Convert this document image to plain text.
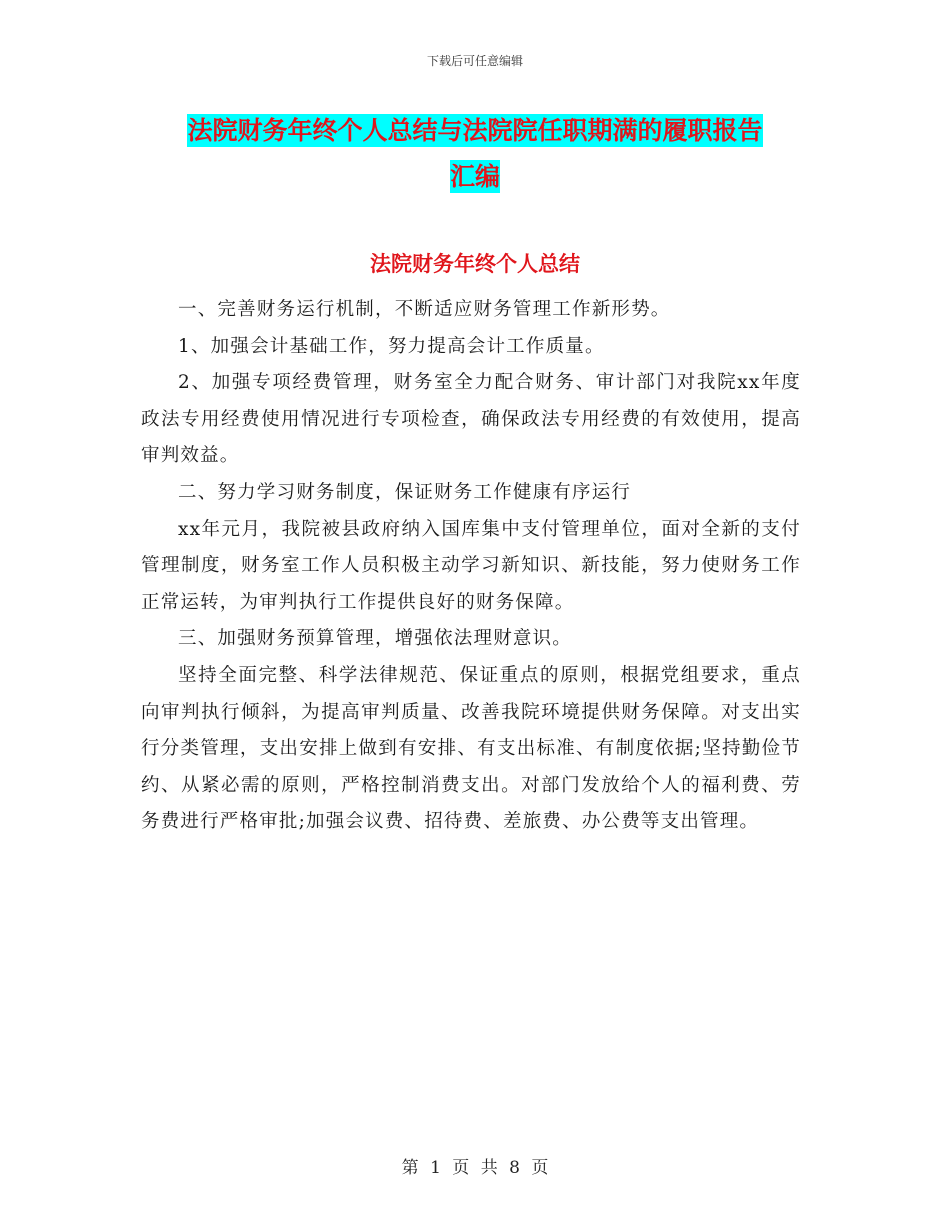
下载后可任意编辑
法院财务年终个人总结与法院院任职期满的履职报告
汇编
法院财务年终个人总结

一、完善财务运行机制，不断适应财务管理工作新形势。

1、加强会计基础工作，努力提高会计工作质量。

2、加强专项经费管理，财务室全力配合财务、审计部门对我院xx年度政法专用经费使用情况进行专项检查，确保政法专用经费的有效使用，提高审判效益。

二、努力学习财务制度，保证财务工作健康有序运行

xx年元月，我院被县政府纳入国库集中支付管理单位，面对全新的支付管理制度，财务室工作人员积极主动学习新知识、新技能，努力使财务工作正常运转，为审判执行工作提供良好的财务保障。

三、加强财务预算管理，增强依法理财意识。

坚持全面完整、科学法律规范、保证重点的原则，根据党组要求，重点向审判执行倾斜，为提高审判质量、改善我院环境提供财务保障。对支出实行分类管理，支出安排上做到有安排、有支出标准、有制度依据;坚持勤俭节约、从紧必需的原则，严格控制消费支出。对部门发放给个人的福利费、劳务费进行严格审批;加强会议费、招待费、差旅费、办公费等支出管理。

第 1 页 共 8 页
